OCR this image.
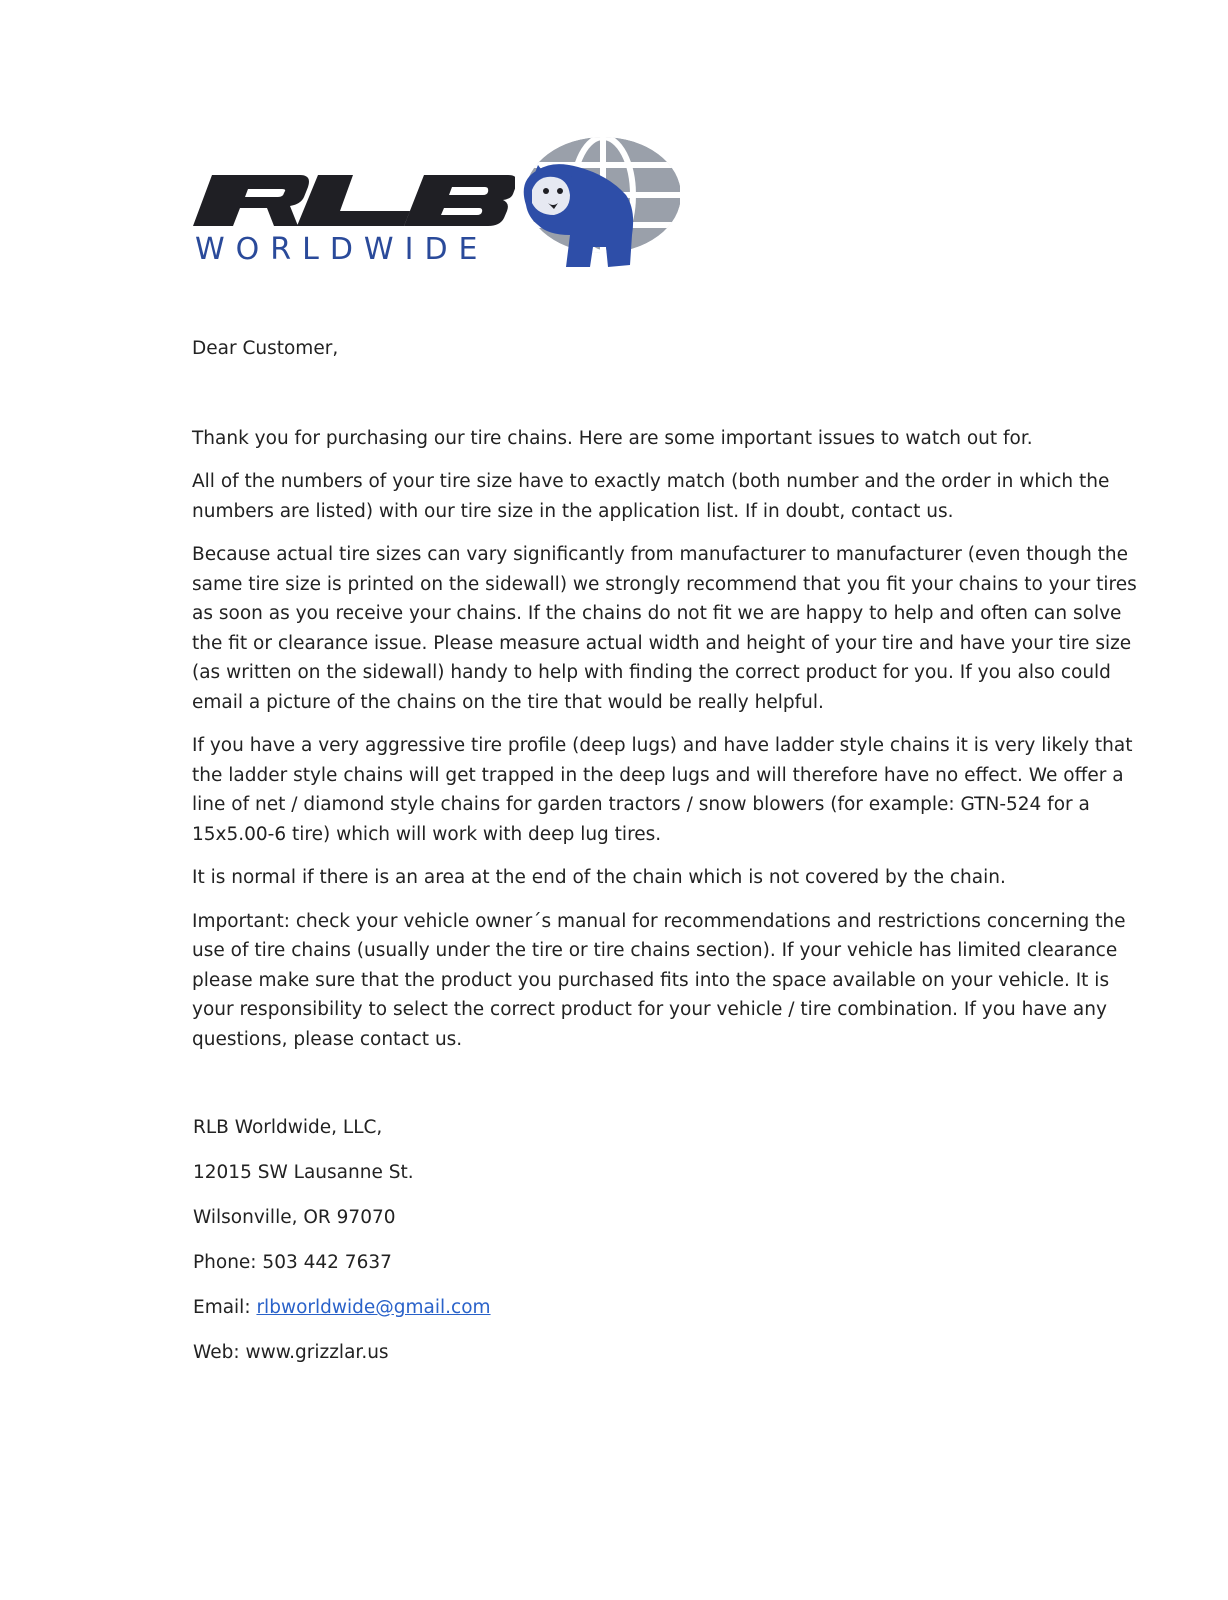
WORLDWIDE

Dear Customer,

Thank you for purchasing our tire chains. Here are some important issues to watch out for.

All of the numbers of your tire size have to exactly match (both number and the order in which the numbers are listed) with our tire size in the application list. If in doubt, contact us.

Because actual tire sizes can vary significantly from manufacturer to manufacturer (even though the same tire size is printed on the sidewall) we strongly recommend that you fit your chains to your tires as soon as you receive your chains. If the chains do not fit we are happy to help and often can solve the fit or clearance issue. Please measure actual width and height of your tire and have your tire size (as written on the sidewall) handy to help with finding the correct product for you. If you also could email a picture of the chains on the tire that would be really helpful.

If you have a very aggressive tire profile (deep lugs) and have ladder style chains it is very likely that the ladder style chains will get trapped in the deep lugs and will therefore have no effect. We offer a line of net / diamond style chains for garden tractors / snow blowers (for example: GTN-524 for a 15x5.00-6 tire) which will work with deep lug tires.

It is normal if there is an area at the end of the chain which is not covered by the chain.

Important: check your vehicle owner´s manual for recommendations and restrictions concerning the use of tire chains (usually under the tire or tire chains section). If your vehicle has limited clearance please make sure that the product you purchased fits into the space available on your vehicle. It is your responsibility to select the correct product for your vehicle / tire combination. If you have any questions, please contact us.

RLB Worldwide, LLC,

12015 SW Lausanne St.

Wilsonville, OR 97070

Phone: 503 442 7637

Email: rlbworldwide@gmail.com

Web: www.grizzlar.us
